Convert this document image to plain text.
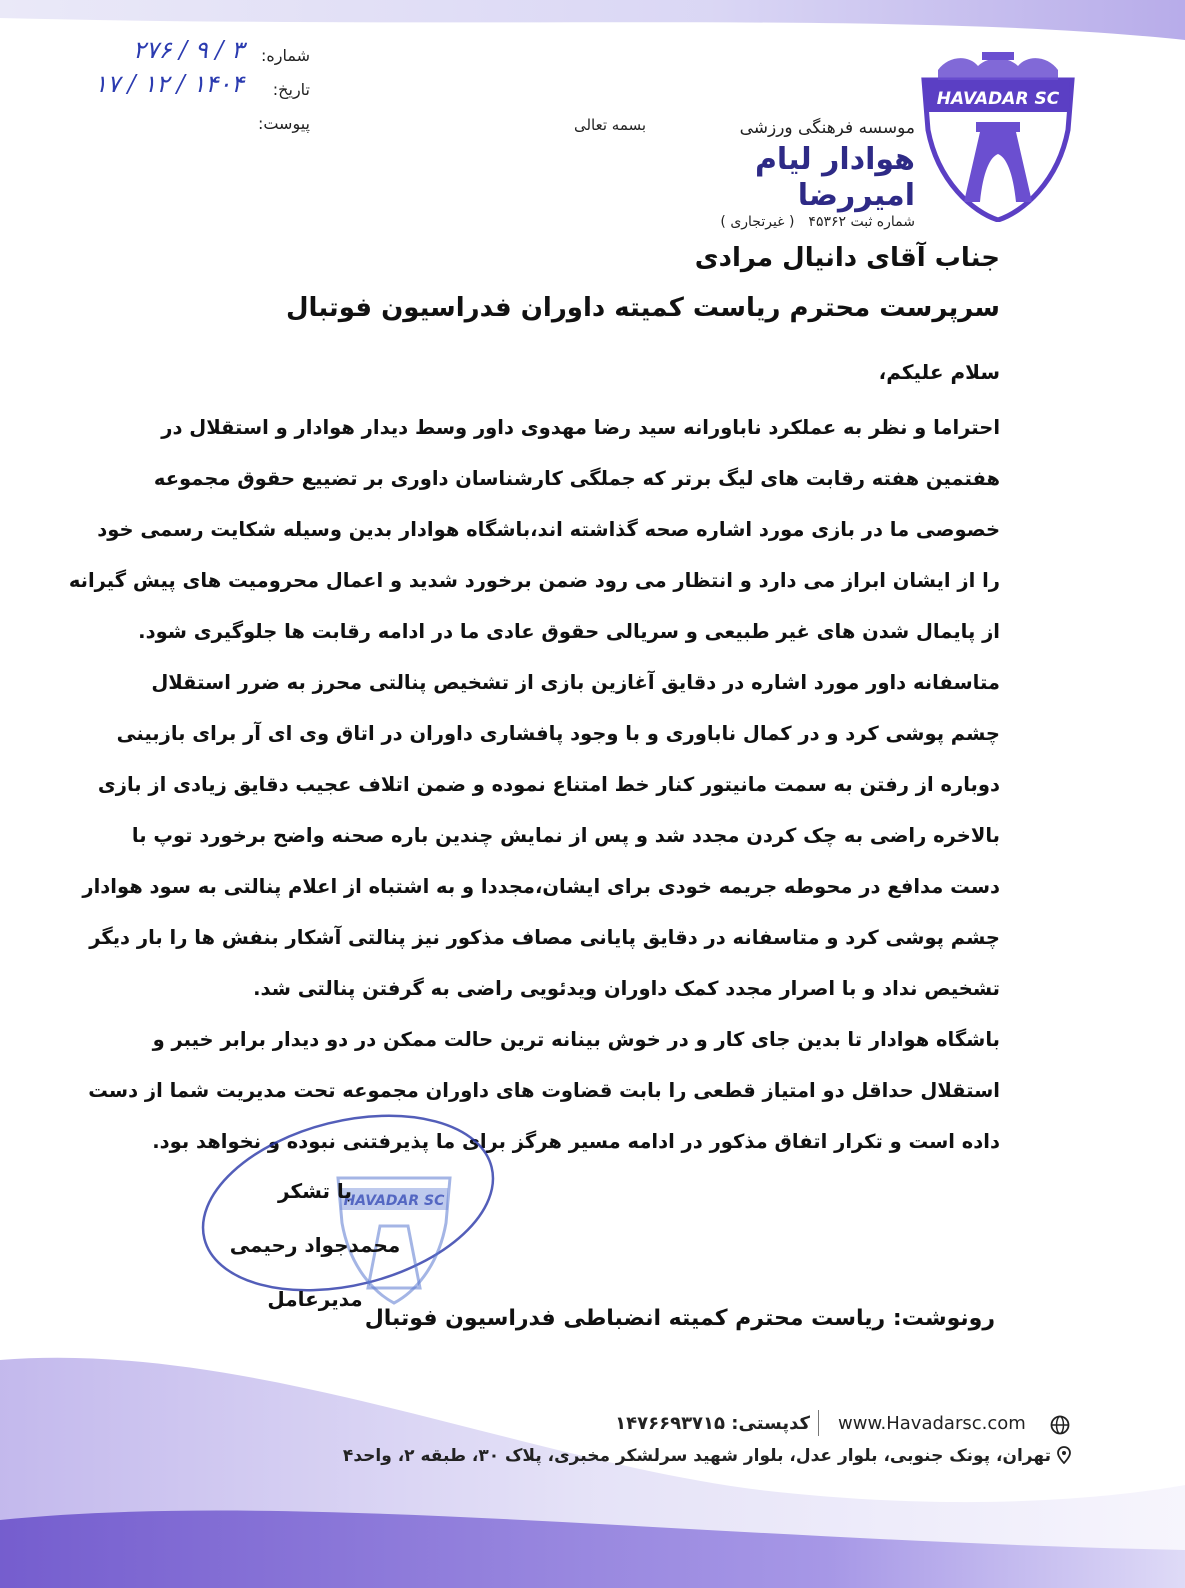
شماره:
۳ / ۹ / ۲۷۶
تاریخ:
۱۴۰۴ / ۱۲ / ۱۷
پیوست:	بسمه تعالی	موسسه فرهنگی ورزشی
هوادار لیام امیررضا
شماره ثبت ۴۵۳۶۲( غیرتجاری )
HAVADAR SC
جناب آقای دانیال مرادی
سرپرست محترم ریاست کمیته داوران فدراسیون فوتبال
سلام علیکم،
احتراما و نظر به عملکرد ناباورانه سید رضا مهدوی داور وسط دیدار هوادار و استقلال در
هفتمین هفته رقابت های لیگ برتر که جملگی کارشناسان داوری بر تضییع حقوق مجموعه
خصوصی ما در بازی مورد اشاره صحه گذاشته اند،باشگاه هوادار بدین وسیله شکایت رسمی خود
را از ایشان ابراز می دارد و انتظار می رود ضمن برخورد شدید و اعمال محرومیت های پیش گیرانه
از پایمال شدن های غیر طبیعی و سریالی حقوق عادی ما در ادامه رقابت ها جلوگیری شود.
متاسفانه داور مورد اشاره در دقایق آغازین بازی از تشخیص پنالتی محرز به ضرر استقلال
چشم پوشی کرد و در کمال ناباوری و با وجود پافشاری داوران در اتاق وی ای آر برای بازبینی
دوباره از رفتن به سمت مانیتور کنار خط امتناع نموده و ضمن اتلاف عجیب دقایق زیادی از بازی
بالاخره راضی به چک کردن مجدد شد و پس از نمایش چندین باره صحنه واضح برخورد توپ با
دست مدافع در محوطه جریمه خودی برای ایشان،مجددا و به اشتباه از اعلام پنالتی به سود هوادار
چشم پوشی کرد و متاسفانه در دقایق پایانی مصاف مذکور نیز پنالتی آشکار بنفش ها را بار دیگر
تشخیص نداد و با اصرار مجدد کمک داوران ویدئویی راضی به گرفتن پنالتی شد.
باشگاه هوادار تا بدین جای کار و در خوش بینانه ترین حالت ممکن در دو دیدار برابر خیبر و
استقلال حداقل دو امتیاز قطعی را بابت قضاوت های داوران مجموعه تحت مدیریت شما از دست
داده است و تکرار اتفاق مذکور در ادامه مسیر هرگز برای ما پذیرفتنی نبوده و نخواهد بود.
HAVADAR SC
با تشکر
محمدجواد رحیمی
مدیرعامل
رونوشت: ریاست محترم کمیته انضباطی فدراسیون فوتبال
کدپستی: ۱۴۷۶۶۹۳۷۱۵ www.Havadarsc.com
تهران، پونک جنوبی، بلوار عدل، بلوار شهید سرلشکر مخبری، پلاک ۳۰، طبقه ۲، واحد۴
